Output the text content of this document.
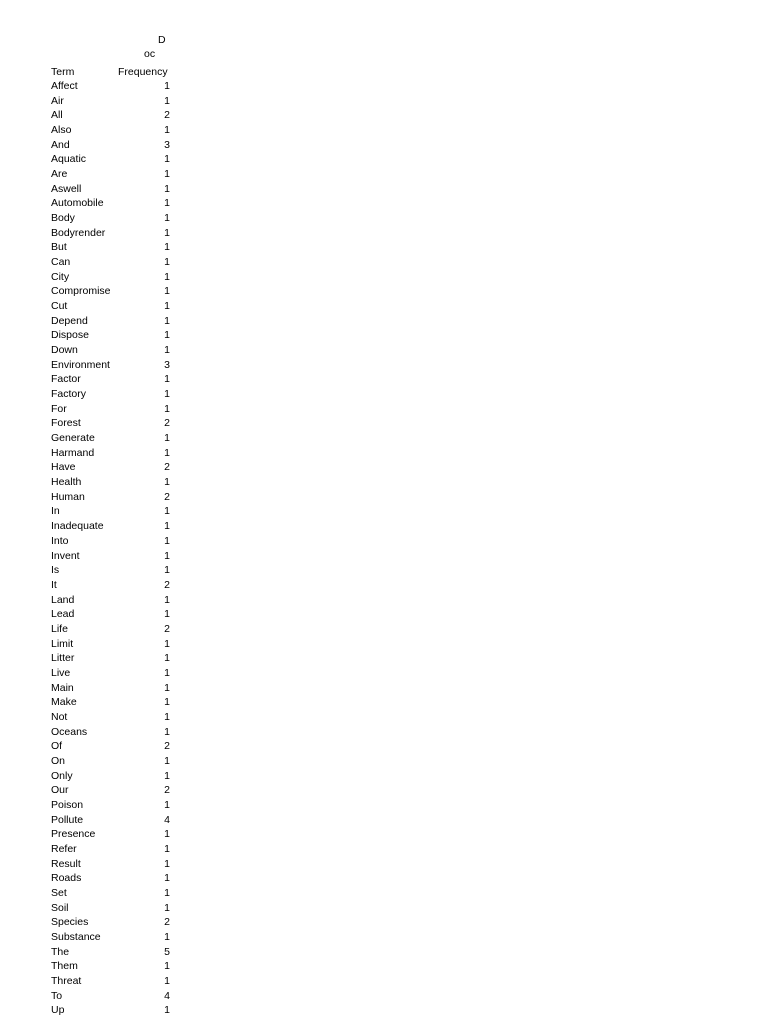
D
oc
Term	Frequency
Affect	1
Air	1
All	2
Also	1
And	3
Aquatic	1
Are	1
Aswell	1
Automobile	1
Body	1
Bodyrender	1
But	1
Can	1
City	1
Compromise	1
Cut	1
Depend	1
Dispose	1
Down	1
Environment	3
Factor	1
Factory	1
For	1
Forest	2
Generate	1
Harmand	1
Have	2
Health	1
Human	2
In	1
Inadequate	1
Into	1
Invent	1
Is	1
It	2
Land	1
Lead	1
Life	2
Limit	1
Litter	1
Live	1
Main	1
Make	1
Not	1
Oceans	1
Of	2
On	1
Only	1
Our	2
Poison	1
Pollute	4
Presence	1
Refer	1
Result	1
Roads	1
Set	1
Soil	1
Species	2
Substance	1
The	5
Them	1
Threat	1
To	4
Up	1
